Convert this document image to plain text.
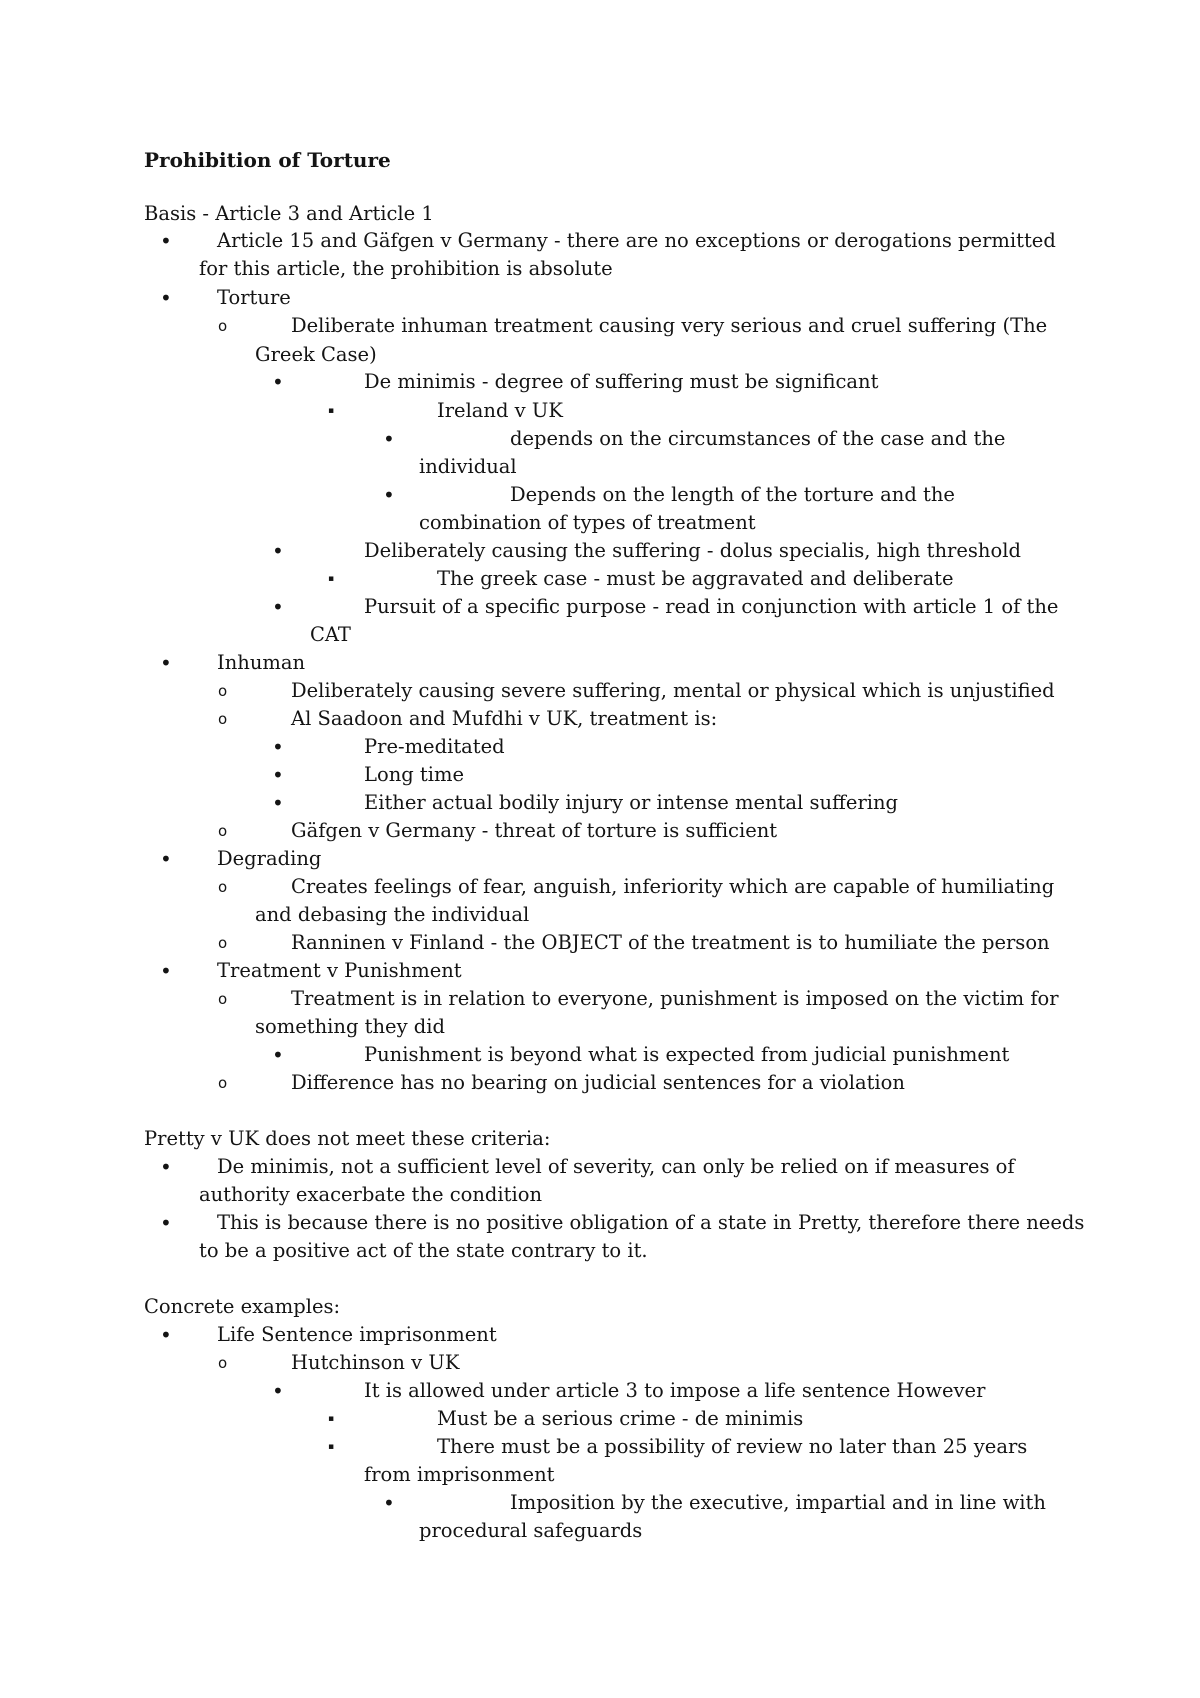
Prohibition of Torture
Basis - Article 3 and Article 1
• Article 15 and Gäfgen v Germany - there are no exceptions or derogations permitted
for this article, the prohibition is absolute
• Torture
o	Deliberate inhuman treatment causing very serious and cruel suffering (The
Greek Case)
•	De minimis - degree of suffering must be significant
▪	Ireland v UK
•	depends on the circumstances of the case and the
individual
•	Depends on the length of the torture and the
combination of types of treatment
•	Deliberately causing the suffering - dolus specialis, high threshold
▪	The greek case - must be aggravated and deliberate
•	Pursuit of a specific purpose - read in conjunction with article 1 of the
CAT
• Inhuman
o	Deliberately causing severe suffering, mental or physical which is unjustified
o	Al Saadoon and Mufdhi v UK, treatment is:
•	Pre-meditated
•	Long time
•	Either actual bodily injury or intense mental suffering
o	Gäfgen v Germany - threat of torture is sufficient
• Degrading
o	Creates feelings of fear, anguish, inferiority which are capable of humiliating
and debasing the individual
o	Ranninen v Finland - the OBJECT of the treatment is to humiliate the person
• Treatment v Punishment
o	Treatment is in relation to everyone, punishment is imposed on the victim for
something they did
•	Punishment is beyond what is expected from judicial punishment
o	Difference has no bearing on judicial sentences for a violation
Pretty v UK does not meet these criteria:
• De minimis, not a sufficient level of severity, can only be relied on if measures of
authority exacerbate the condition
• This is because there is no positive obligation of a state in Pretty, therefore there needs
to be a positive act of the state contrary to it.
Concrete examples:
• Life Sentence imprisonment
o	Hutchinson v UK
•	It is allowed under article 3 to impose a life sentence However
▪	Must be a serious crime - de minimis
▪	There must be a possibility of review no later than 25 years
from imprisonment
•	Imposition by the executive, impartial and in line with
procedural safeguards
